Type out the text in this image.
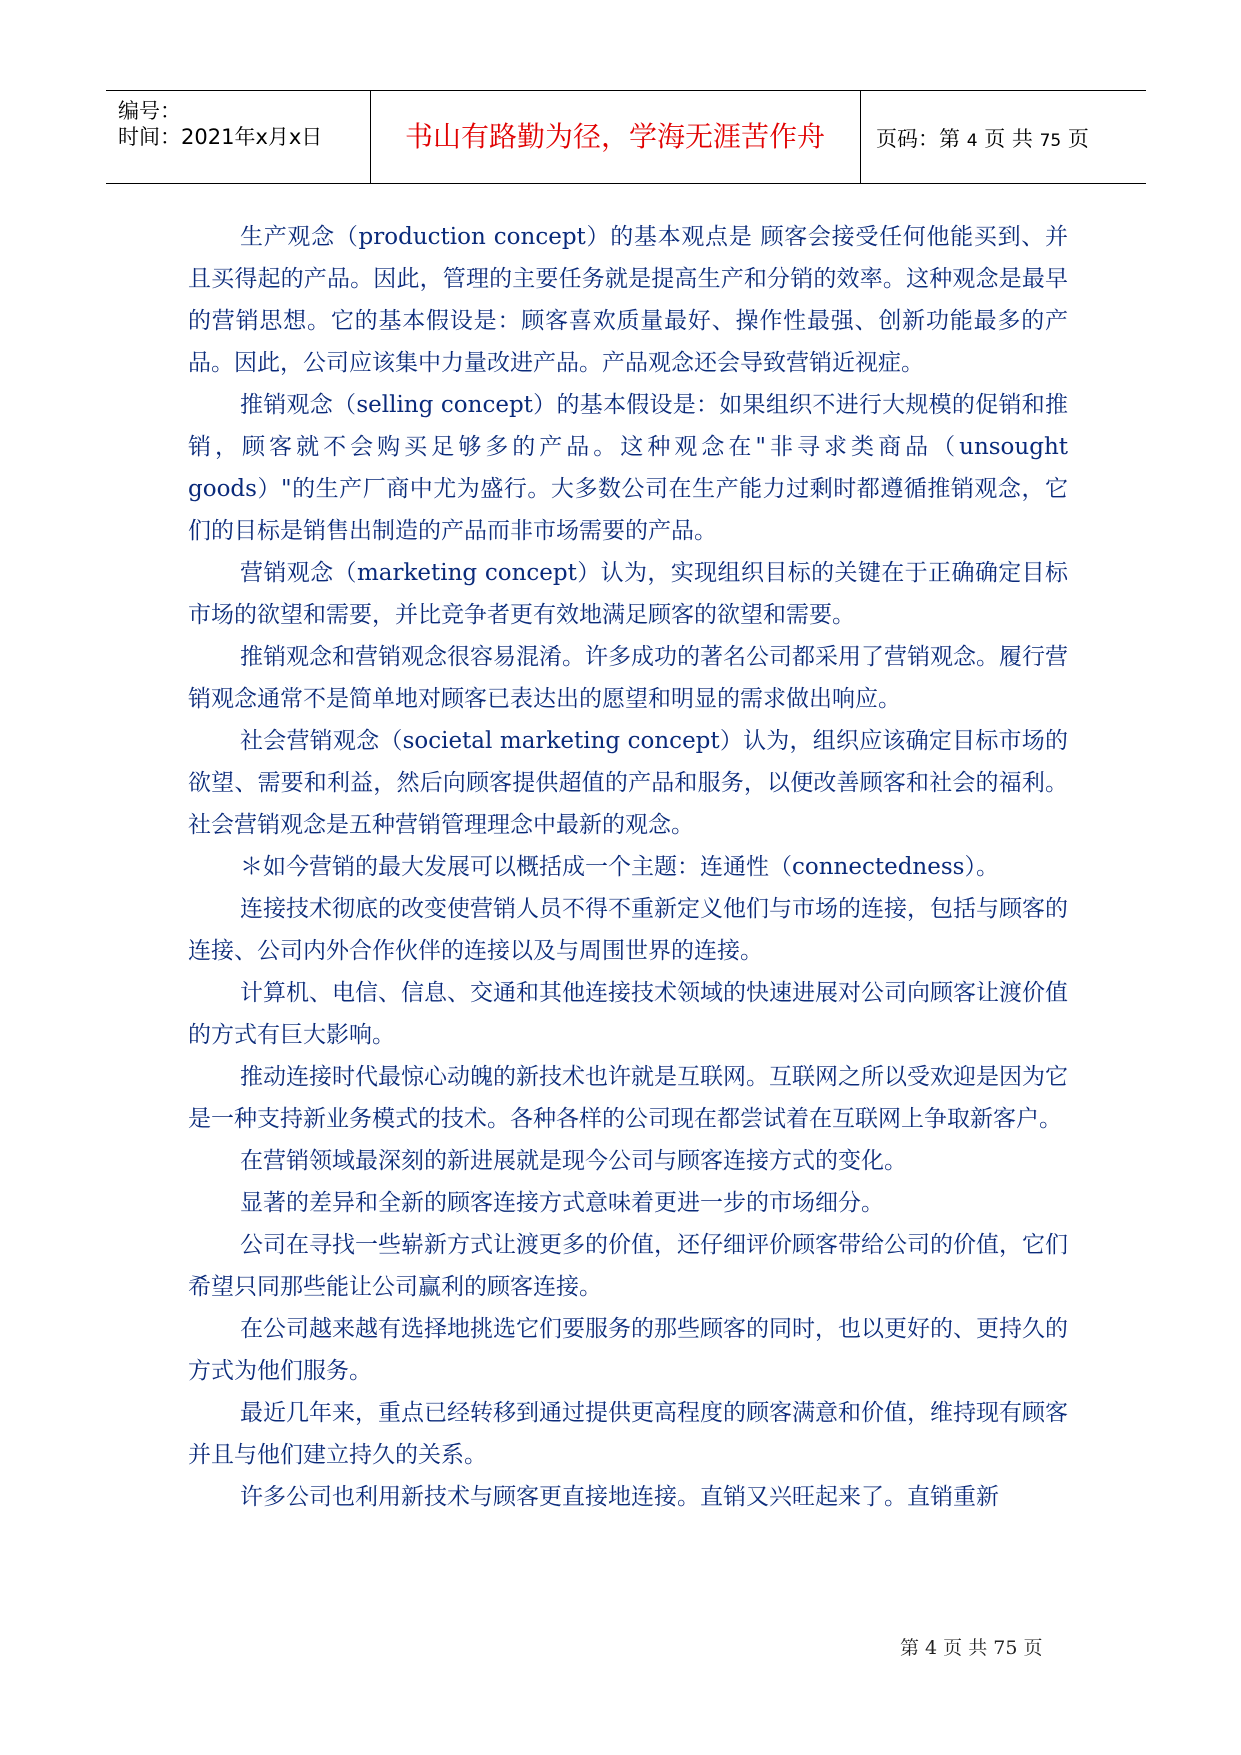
编号：
时间：2021年x月x日	书山有路勤为径，学海无涯苦作舟	页码：第 4 页 共 75 页

生产观念（production concept）的基本观点是 顾客会接受任何他能买到、并且买得起的产品。因此，管理的主要任务就是提高生产和分销的效率。这种观念是最早的营销思想。它的基本假设是：顾客喜欢质量最好、操作性最强、创新功能最多的产品。因此，公司应该集中力量改进产品。产品观念还会导致营销近视症。

推销观念（selling concept）的基本假设是：如果组织不进行大规模的促销和推销，顾客就不会购买足够多的产品。这种观念在"非寻求类商品（unsought goods）"的生产厂商中尤为盛行。大多数公司在生产能力过剩时都遵循推销观念，它们的目标是销售出制造的产品而非市场需要的产品。

营销观念（marketing concept）认为，实现组织目标的关键在于正确确定目标市场的欲望和需要，并比竞争者更有效地满足顾客的欲望和需要。

推销观念和营销观念很容易混淆。许多成功的著名公司都采用了营销观念。履行营销观念通常不是简单地对顾客已表达出的愿望和明显的需求做出响应。

社会营销观念（societal marketing concept）认为，组织应该确定目标市场的欲望、需要和利益，然后向顾客提供超值的产品和服务，以便改善顾客和社会的福利。社会营销观念是五种营销管理理念中最新的观念。

＊如今营销的最大发展可以概括成一个主题：连通性（connectedness）。

连接技术彻底的改变使营销人员不得不重新定义他们与市场的连接，包括与顾客的连接、公司内外合作伙伴的连接以及与周围世界的连接。

计算机、电信、信息、交通和其他连接技术领域的快速进展对公司向顾客让渡价值的方式有巨大影响。

推动连接时代最惊心动魄的新技术也许就是互联网。互联网之所以受欢迎是因为它是一种支持新业务模式的技术。各种各样的公司现在都尝试着在互联网上争取新客户。

在营销领域最深刻的新进展就是现今公司与顾客连接方式的变化。

显著的差异和全新的顾客连接方式意味着更进一步的市场细分。

公司在寻找一些崭新方式让渡更多的价值，还仔细评价顾客带给公司的价值，它们希望只同那些能让公司赢利的顾客连接。

在公司越来越有选择地挑选它们要服务的那些顾客的同时，也以更好的、更持久的方式为他们服务。

最近几年来，重点已经转移到通过提供更高程度的顾客满意和价值，维持现有顾客并且与他们建立持久的关系。

许多公司也利用新技术与顾客更直接地连接。直销又兴旺起来了。直销重新

第 4 页 共 75 页
